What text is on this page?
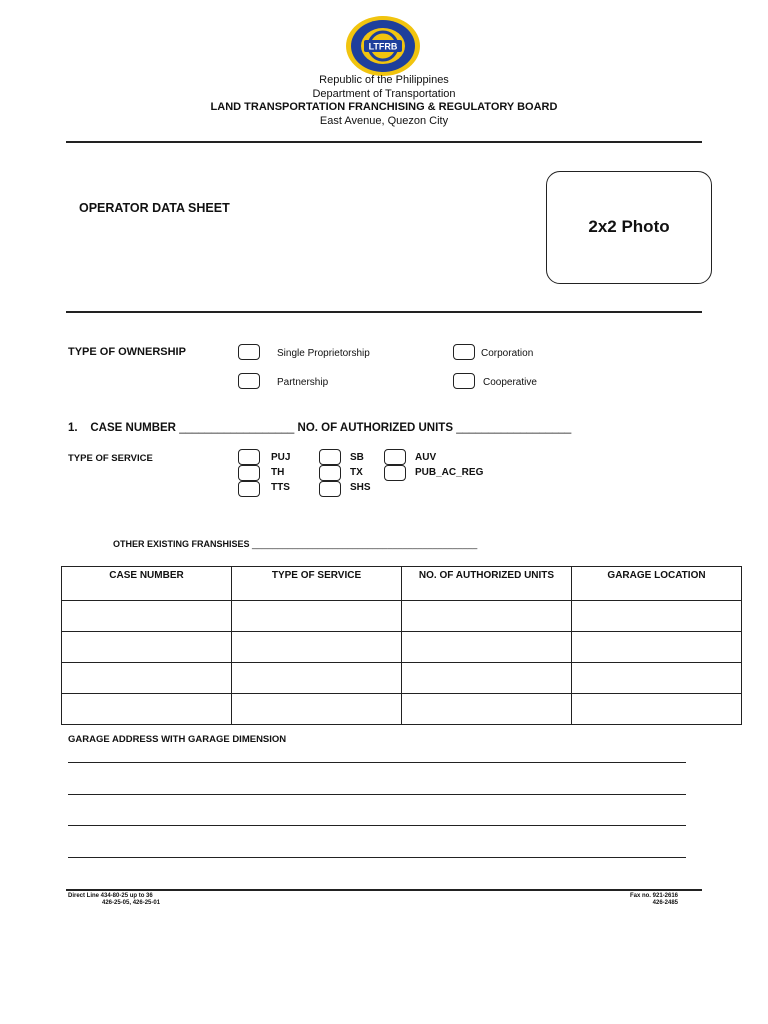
LTFRB
Republic of the Philippines
Department of Transportation
LAND TRANSPORTATION FRANCHISING & REGULATORY BOARD
East Avenue, Quezon City
OPERATOR DATA SHEET
2x2 Photo
TYPE OF OWNERSHIP	Single Proprietorship	Corporation
Partnership	Cooperative
1. CASE NUMBER __________________ NO. OF AUTHORIZED UNITS __________________
TYPE OF SERVICE	PUJ
TH
TTS
SB
TX
SHS
AUV
PUB_AC_REG
OTHER EXISTING FRANSHISES _____________________________________________
CASE NUMBER	TYPE OF SERVICE	NO. OF AUTHORIZED UNITS	GARAGE LOCATION

GARAGE ADDRESS WITH GARAGE DIMENSION
Direct Line 434-80-25 up to 36
426-25-05, 426-25-01
Fax no. 921-2616
426-2485
